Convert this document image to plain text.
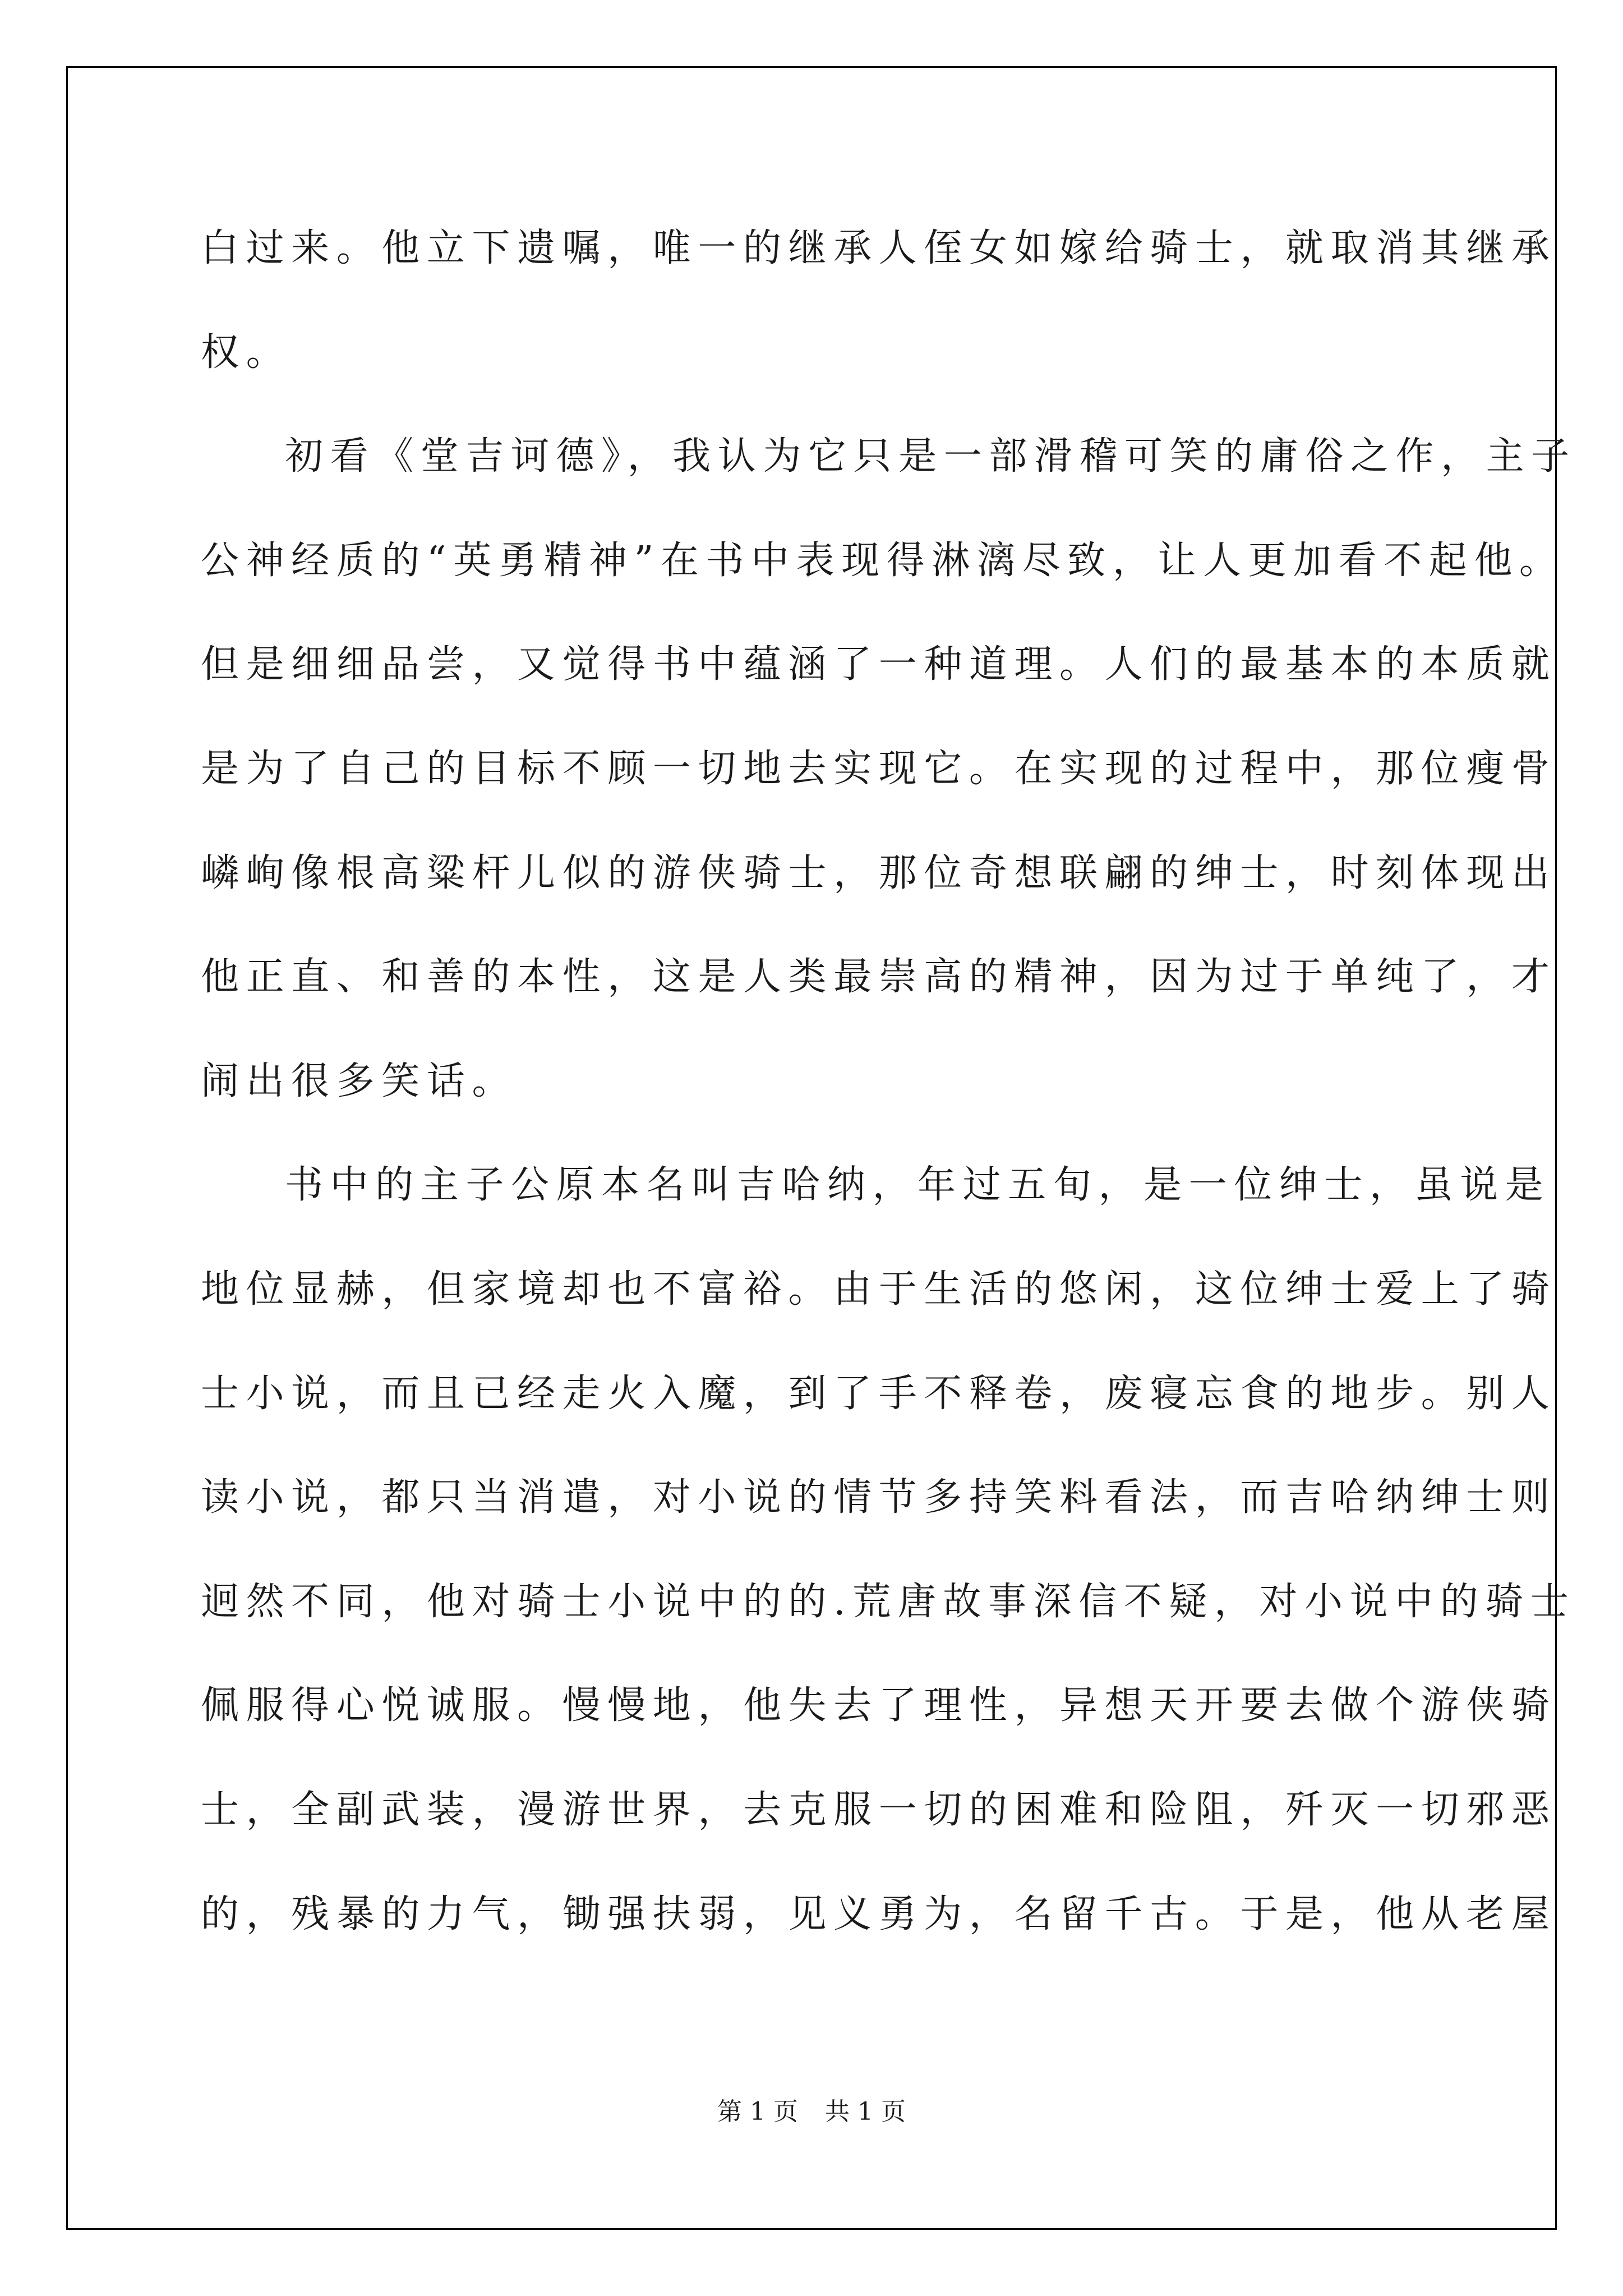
白过来。他立下遗嘱，唯一的继承人侄女如嫁给骑士，就取消其继承
权。
初看《堂吉诃德》，我认为它只是一部滑稽可笑的庸俗之作，主子
公神经质的“英勇精神”在书中表现得淋漓尽致，让人更加看不起他。
但是细细品尝，又觉得书中蕴涵了一种道理。人们的最基本的本质就
是为了自己的目标不顾一切地去实现它。在实现的过程中，那位瘦骨
嶙峋像根高粱杆儿似的游侠骑士，那位奇想联翩的绅士，时刻体现出
他正直、和善的本性，这是人类最崇高的精神，因为过于单纯了，才
闹出很多笑话。
书中的主子公原本名叫吉哈纳，年过五旬，是一位绅士，虽说是
地位显赫，但家境却也不富裕。由于生活的悠闲，这位绅士爱上了骑
士小说，而且已经走火入魔，到了手不释卷，废寝忘食的地步。别人
读小说，都只当消遣，对小说的情节多持笑料看法，而吉哈纳绅士则
迥然不同，他对骑士小说中的的.荒唐故事深信不疑，对小说中的骑士
佩服得心悦诚服。慢慢地，他失去了理性，异想天开要去做个游侠骑
士，全副武装，漫游世界，去克服一切的困难和险阻，歼灭一切邪恶
的，残暴的力气，锄强扶弱，见义勇为，名留千古。于是，他从老屋
第 1 页 共 1 页
